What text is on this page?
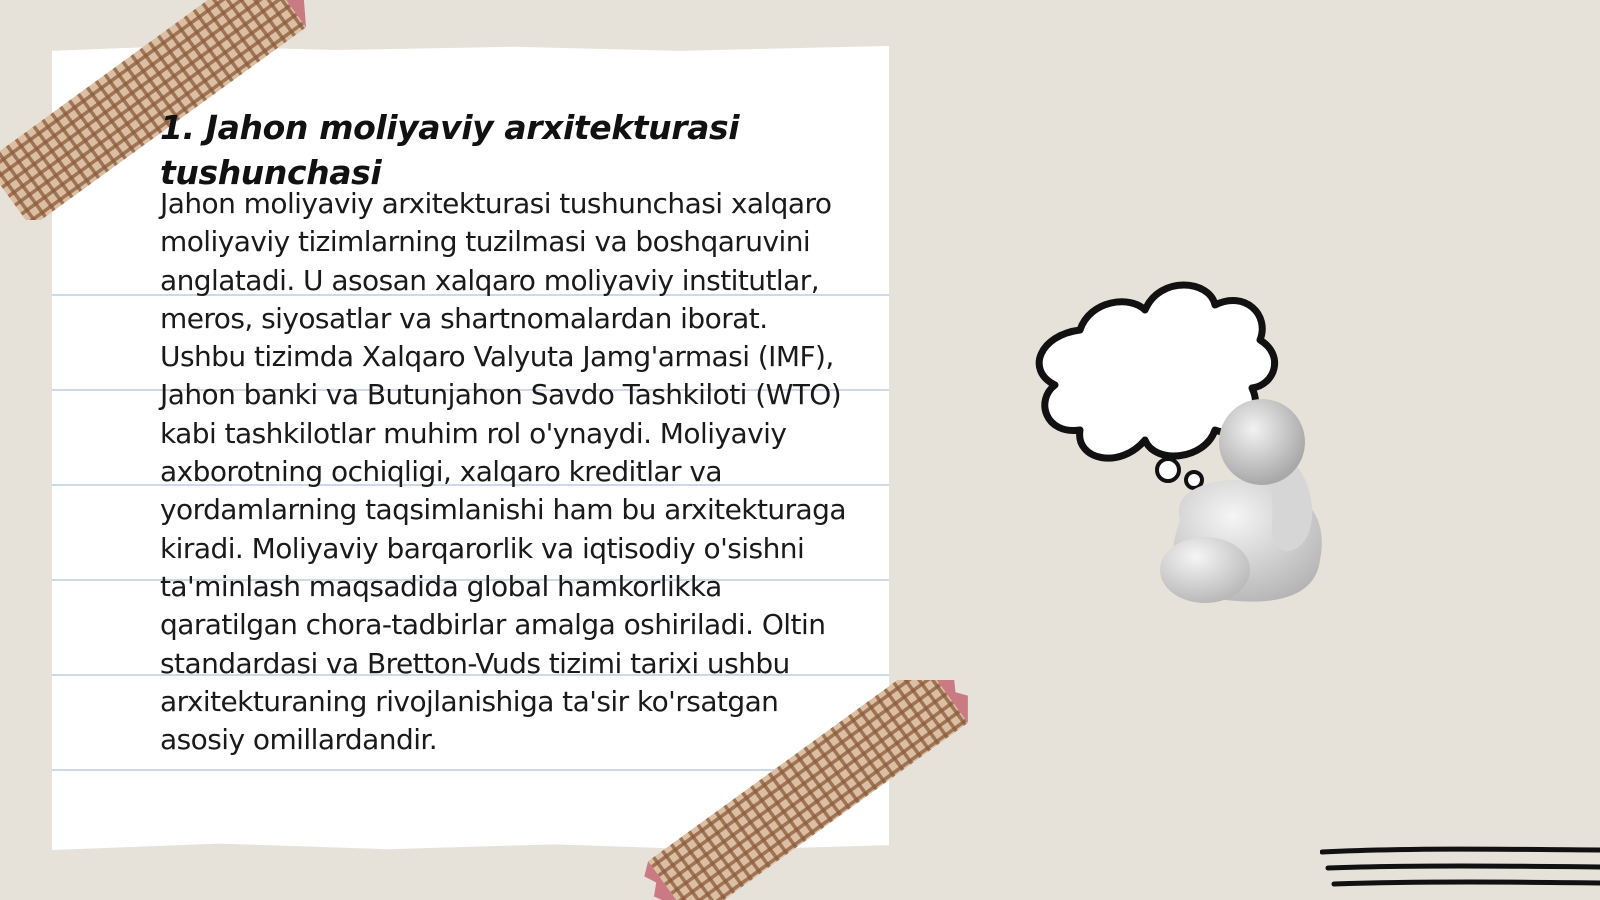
1. Jahon moliyaviy arxitekturasi tushunchasi

Jahon moliyaviy arxitekturasi tushunchasi xalqaro moliyaviy tizimlarning tuzilmasi va boshqaruvini anglatadi. U asosan xalqaro moliyaviy institutlar, meros, siyosatlar va shartnomalardan iborat. Ushbu tizimda Xalqaro Valyuta Jamg'armasi (IMF), Jahon banki va Butunjahon Savdo Tashkiloti (WTO) kabi tashkilotlar muhim rol o'ynaydi. Moliyaviy axborotning ochiqligi, xalqaro kreditlar va yordamlarning taqsimlanishi ham bu arxitekturaga kiradi. Moliyaviy barqarorlik va iqtisodiy o'sishni ta'minlash maqsadida global hamkorlikka qaratilgan chora-tadbirlar amalga oshiriladi. Oltin standardasi va Bretton-Vuds tizimi tarixi ushbu arxitekturaning rivojlanishiga ta'sir ko'rsatgan asosiy omillardandir.
